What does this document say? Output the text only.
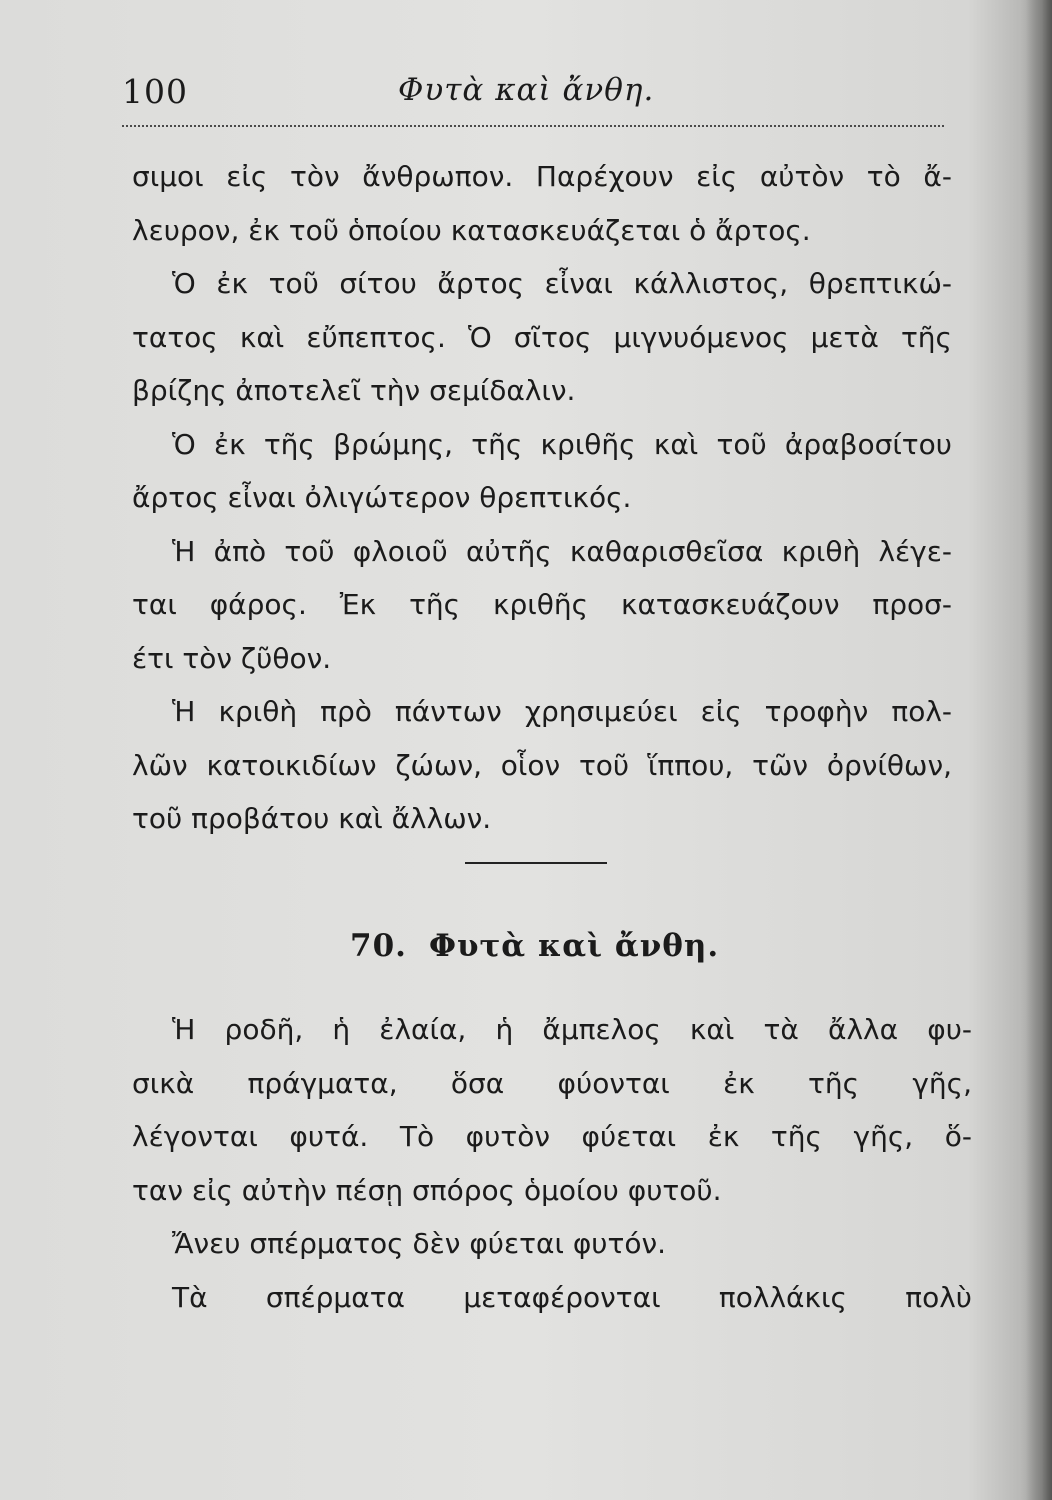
100	Φυτὰ καὶ ἄνθη.
σιμοι εἰς τὸν ἄνθρωπον. Παρέχουν εἰς αὐτὸν τὸ ἄ-
λευρον, ἐκ τοῦ ὁποίου κατασκευάζεται ὁ ἄρτος.
Ὁ ἐκ τοῦ σίτου ἄρτος εἶναι κάλλιστος, θρεπτικώ-
τατος καὶ εὔπεπτος. Ὁ σῖτος μιγνυόμενος μετὰ τῆς
βρίζης ἀποτελεῖ τὴν σεμίδαλιν.
Ὁ ἐκ τῆς βρώμης, τῆς κριθῆς καὶ τοῦ ἀραβοσίτου
ἄρτος εἶναι ὀλιγώτερον θρεπτικός.
Ἡ ἀπὸ τοῦ φλοιοῦ αὐτῆς καθαρισθεῖσα κριθὴ λέγε-
ται φάρος. Ἐκ τῆς κριθῆς κατασκευάζουν προσ-
έτι τὸν ζῦθον.
Ἡ κριθὴ πρὸ πάντων χρησιμεύει εἰς τροφὴν πολ-
λῶν κατοικιδίων ζώων, οἷον τοῦ ἵππου, τῶν ὀρνίθων,
τοῦ προβάτου καὶ ἄλλων.
70. Φυτὰ καὶ ἄνθη.
Ἡ ροδῆ, ἡ ἐλαία, ἡ ἄμπελος καὶ τὰ ἄλλα φυ-
σικὰ πράγματα, ὅσα φύονται ἐκ τῆς γῆς,
λέγονται φυτά. Τὸ φυτὸν φύεται ἐκ τῆς γῆς, ὅ-
ταν εἰς αὐτὴν πέσῃ σπόρος ὁμοίου φυτοῦ.
Ἄνευ σπέρματος δὲν φύεται φυτόν.
Τὰ σπέρματα μεταφέρονται πολλάκις πολὺ
